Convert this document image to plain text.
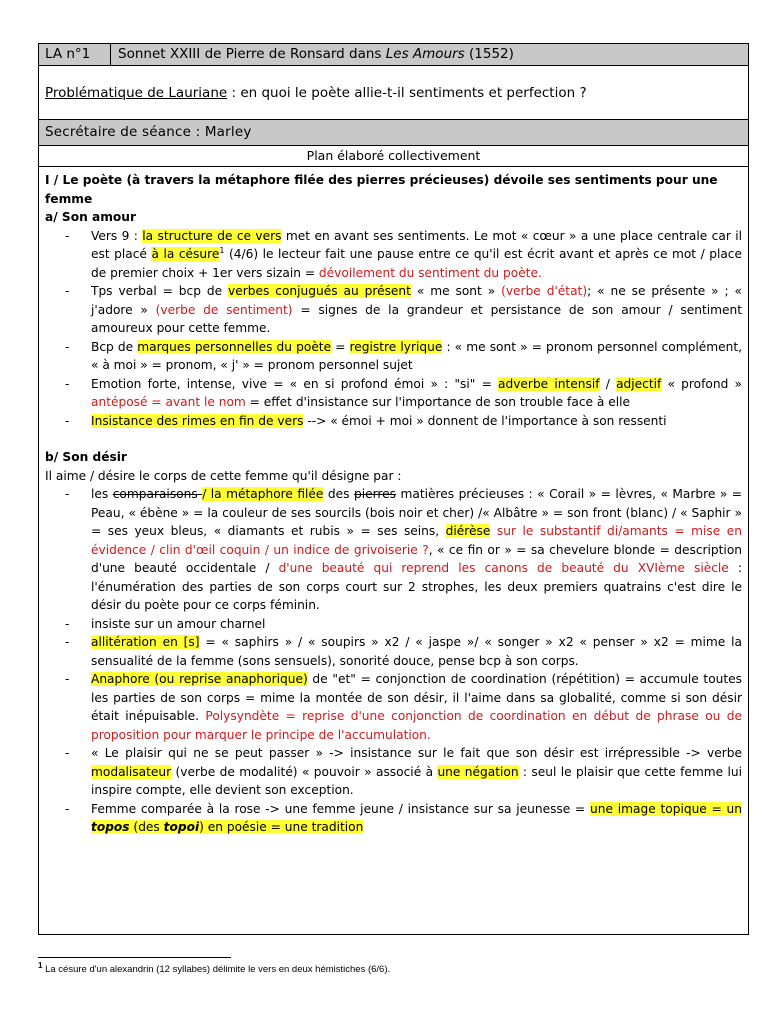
LA n°1	Sonnet XXIII de Pierre de Ronsard dans Les Amours (1552)
Problématique de Lauriane : en quoi le poète allie-t-il sentiments et perfection ?
Secrétaire de séance : Marley
Plan élaboré collectivement
I / Le poète (à travers la métaphore filée des pierres précieuses) dévoile ses sentiments pour une femme
a/ Son amour
- Vers 9 : la structure de ce vers met en avant ses sentiments. Le mot « cœur » a une place centrale car il est placé à la césure$^1$ (4/6) le lecteur fait une pause entre ce qu'il est écrit avant et après ce mot / place de premier choix + 1er vers sizain = dévoilement du sentiment du poète.
- Tps verbal = bcp de verbes conjugués au présent « me sont » (verbe d'état); « ne se présente » ; « j'adore » (verbe de sentiment) = signes de la grandeur et persistance de son amour / sentiment amoureux pour cette femme.
- Bcp de marques personnelles du poète = registre lyrique : « me sont » = pronom personnel complément, « à moi » = pronom, « j' » = pronom personnel sujet
- Emotion forte, intense, vive = « en si profond émoi » : "si" = adverbe intensif / adjectif « profond » antéposé = avant le nom = effet d'insistance sur l'importance de son trouble face à elle
- Insistance des rimes en fin de vers --> « émoi + moi » donnent de l'importance à son ressenti
b/ Son désir
Il aime / désire le corps de cette femme qu'il désigne par :
- les comparaisons / la métaphore filée des pierres matières précieuses : « Corail » = lèvres, « Marbre » = Peau, « ébène » = la couleur de ses sourcils (bois noir et cher) /« Albâtre » = son front (blanc) / « Saphir » = ses yeux bleus, « diamants et rubis » = ses seins, diérèse sur le substantif di/amants = mise en évidence / clin d'œil coquin / un indice de grivoiserie ?, « ce fin or » = sa chevelure blonde = description d'une beauté occidentale / d'une beauté qui reprend les canons de beauté du XVIème siècle : l'énumération des parties de son corps court sur 2 strophes, les deux premiers quatrains c'est dire le désir du poète pour ce corps féminin.
- insiste sur un amour charnel
- allitération en [s] = « saphirs » / « soupirs » x2 / « jaspe »/ « songer » x2 « penser » x2 = mime la sensualité de la femme (sons sensuels), sonorité douce, pense bcp à son corps.
- Anaphore (ou reprise anaphorique) de "et" = conjonction de coordination (répétition) = accumule toutes les parties de son corps = mime la montée de son désir, il l'aime dans sa globalité, comme si son désir était inépuisable. Polysyndète = reprise d'une conjonction de coordination en début de phrase ou de proposition pour marquer le principe de l'accumulation.
- « Le plaisir qui ne se peut passer » -> insistance sur le fait que son désir est irrépressible -> verbe modalisateur (verbe de modalité) « pouvoir » associé à une négation : seul le plaisir que cette femme lui inspire compte, elle devient son exception.
- Femme comparée à la rose -> une femme jeune / insistance sur sa jeunesse = une image topique = un topos (des topoi) en poésie = une tradition
$^1$ La césure d'un alexandrin (12 syllabes) délimite le vers en deux hémistiches (6/6).
